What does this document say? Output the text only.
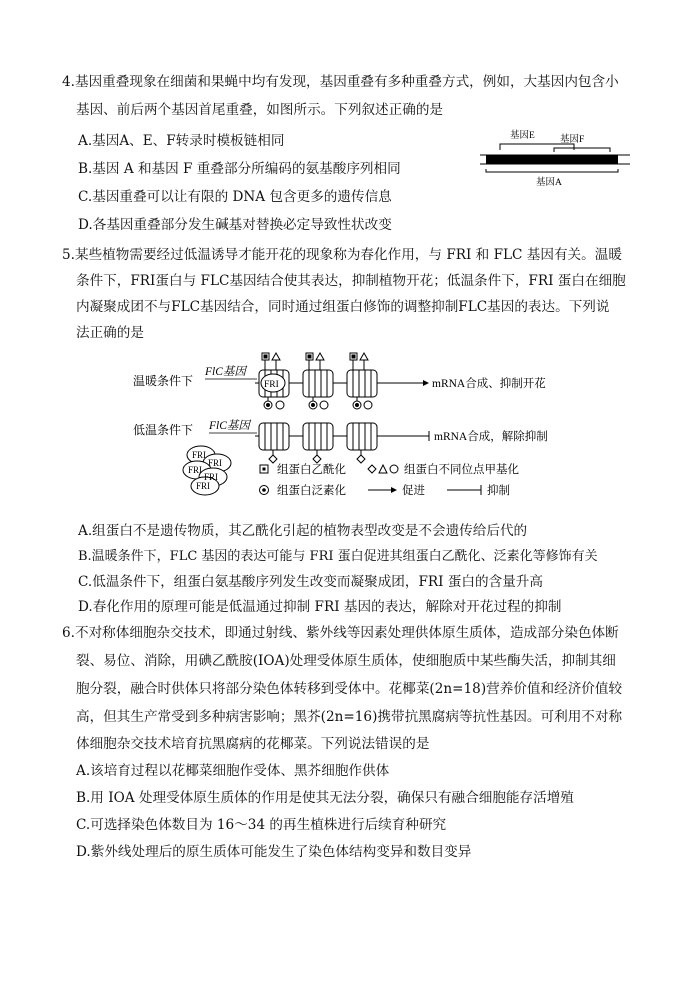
4.基因重叠现象在细菌和果蝇中均有发现，基因重叠有多种重叠方式，例如，大基因内包含小
基因、前后两个基因首尾重叠，如图所示。下列叙述正确的是
A.基因A、E、F转录时模板链相同
B.基因 A 和基因 F 重叠部分所编码的氨基酸序列相同
C.基因重叠可以让有限的 DNA 包含更多的遗传信息
D.各基因重叠部分发生碱基对替换必定导致性状改变
基因E	基因F
基因A
5.某些植物需要经过低温诱导才能开花的现象称为春化作用，与 FRI 和 FLC 基因有关。温暖
条件下，FRI蛋白与 FLC基因结合使其表达，抑制植物开花；低温条件下，FRI 蛋白在细胞
内凝聚成团不与FLC基因结合，同时通过组蛋白修饰的调整抑制FLC基因的表达。下列说
法正确的是
温暖条件下
FlC基因
FRI	mRNA合成、抑制开花
低温条件下 FlC基因
mRNA合成，解除抑制
FRI
FRI
FRI
FRI
FRI
组蛋白乙酰化	组蛋白不同位点甲基化
组蛋白泛素化	促进	抑制
A.组蛋白不是遗传物质，其乙酰化引起的植物表型改变是不会遗传给后代的
B.温暖条件下，FLC 基因的表达可能与 FRI 蛋白促进其组蛋白乙酰化、泛素化等修饰有关
C.低温条件下，组蛋白氨基酸序列发生改变而凝聚成团，FRI 蛋白的含量升高
D.春化作用的原理可能是低温通过抑制 FRI 基因的表达，解除对开花过程的抑制
6.不对称体细胞杂交技术，即通过射线、紫外线等因素处理供体原生质体，造成部分染色体断
裂、易位、消除，用碘乙酰胺(IOA)处理受体原生质体，使细胞质中某些酶失活，抑制其细
胞分裂，融合时供体只将部分染色体转移到受体中。花椰菜(2n=18)营养价值和经济价值较
高，但其生产常受到多种病害影响；黑芥(2n=16)携带抗黑腐病等抗性基因。可利用不对称
体细胞杂交技术培育抗黑腐病的花椰菜。下列说法错误的是
A.该培育过程以花椰菜细胞作受体、黑芥细胞作供体
B.用 IOA 处理受体原生质体的作用是使其无法分裂，确保只有融合细胞能存活增殖
C.可选择染色体数目为 16～34 的再生植株进行后续育种研究
D.紫外线处理后的原生质体可能发生了染色体结构变异和数目变异
